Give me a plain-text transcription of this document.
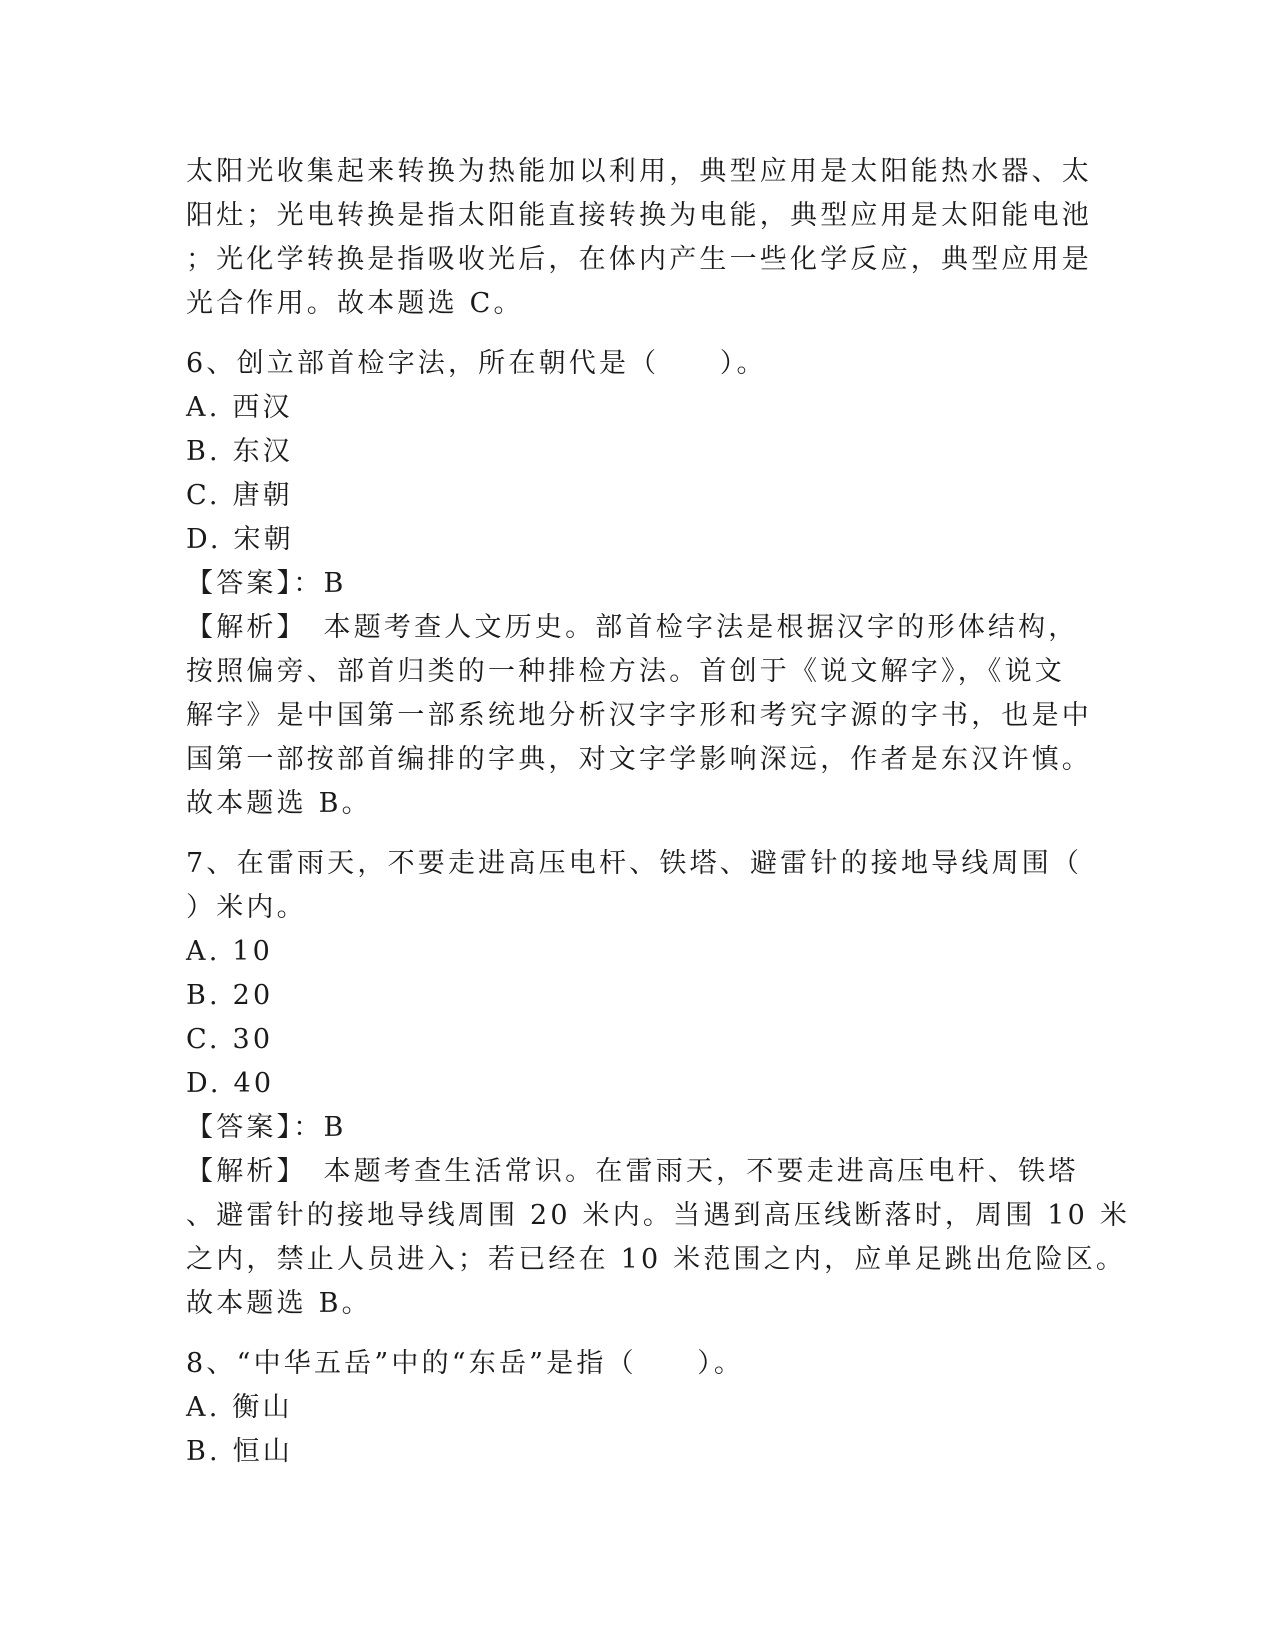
太阳光收集起来转换为热能加以利用，典型应用是太阳能热水器、太
阳灶；光电转换是指太阳能直接转换为电能，典型应用是太阳能电池
；光化学转换是指吸收光后，在体内产生一些化学反应，典型应用是
光合作用。故本题选 C。
6、创立部首检字法，所在朝代是（　　）。
A. 西汉
B. 东汉
C. 唐朝
D. 宋朝
【答案】：B
【解析】　本题考查人文历史。部首检字法是根据汉字的形体结构，
按照偏旁、部首归类的一种排检方法。首创于《说文解字》，《说文
解字》是中国第一部系统地分析汉字字形和考究字源的字书，也是中
国第一部按部首编排的字典，对文字学影响深远，作者是东汉许慎。
故本题选 B。
7、在雷雨天，不要走进高压电杆、铁塔、避雷针的接地导线周围（
）米内。
A. 10
B. 20
C. 30
D. 40
【答案】：B
【解析】　本题考查生活常识。在雷雨天，不要走进高压电杆、铁塔
、避雷针的接地导线周围 20 米内。当遇到高压线断落时，周围 10 米
之内，禁止人员进入；若已经在 10 米范围之内，应单足跳出危险区。
故本题选 B。
8、“中华五岳”中的“东岳”是指（　　）。
A. 衡山
B. 恒山
